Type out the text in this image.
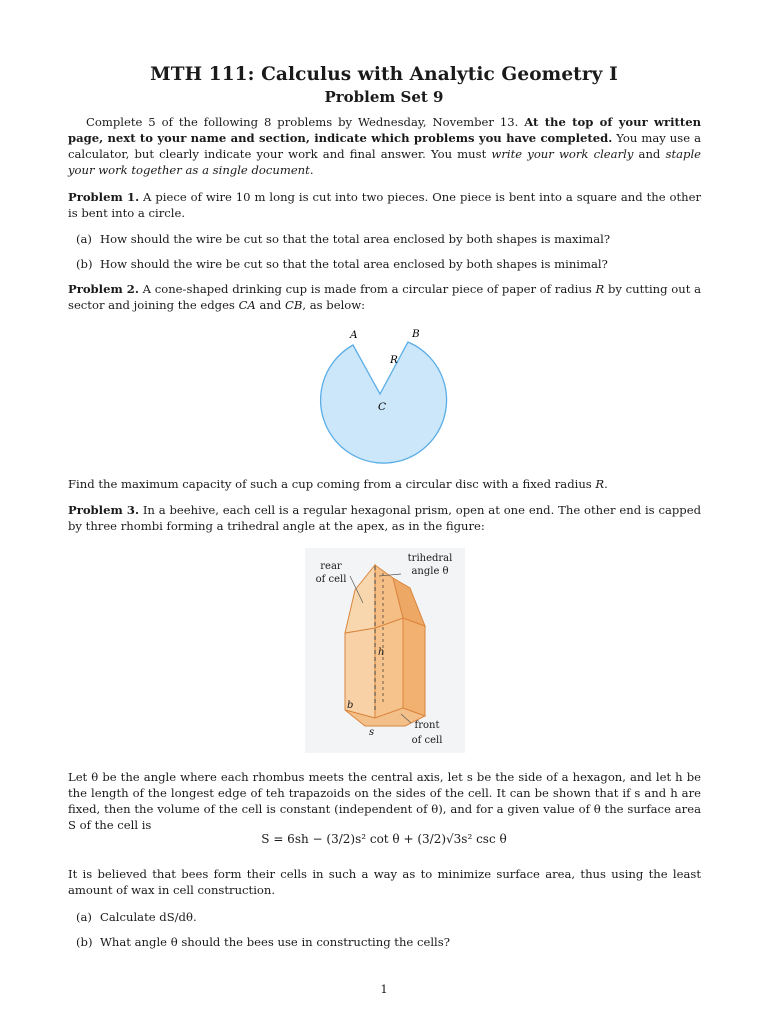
MTH 111: Calculus with Analytic Geometry I
Problem Set 9
Complete 5 of the following 8 problems by Wednesday, November 13. At the top of your written page, next to your name and section, indicate which problems you have completed. You may use a calculator, but clearly indicate your work and final answer. You must write your work clearly and staple your work together as a single document.
Problem 1. A piece of wire 10 m long is cut into two pieces. One piece is bent into a square and the other is bent into a circle.
(a) How should the wire be cut so that the total area enclosed by both shapes is maximal?
(b) How should the wire be cut so that the total area enclosed by both shapes is minimal?
Problem 2. A cone-shaped drinking cup is made from a circular piece of paper of radius R by cutting out a sector and joining the edges CA and CB, as below:
A	B
R
C
Find the maximum capacity of such a cup coming from a circular disc with a fixed radius R.
Problem 3. In a beehive, each cell is a regular hexagonal prism, open at one end. The other end is capped by three rhombi forming a trihedral angle at the apex, as in the figure:
rear
of cell
trihedral
angle θ
h
b
s
front
of cell
Let θ be the angle where each rhombus meets the central axis, let s be the side of a hexagon, and let h be the length of the longest edge of teh trapazoids on the sides of the cell. It can be shown that if s and h are fixed, then the volume of the cell is constant (independent of θ), and for a given value of θ the surface area S of the cell is
S = 6sh − (3/2)s² cot θ + (3/2)√3s² csc θ
It is believed that bees form their cells in such a way as to minimize surface area, thus using the least amount of wax in cell construction.
(a) Calculate dS/dθ.
(b) What angle θ should the bees use in constructing the cells?
1
